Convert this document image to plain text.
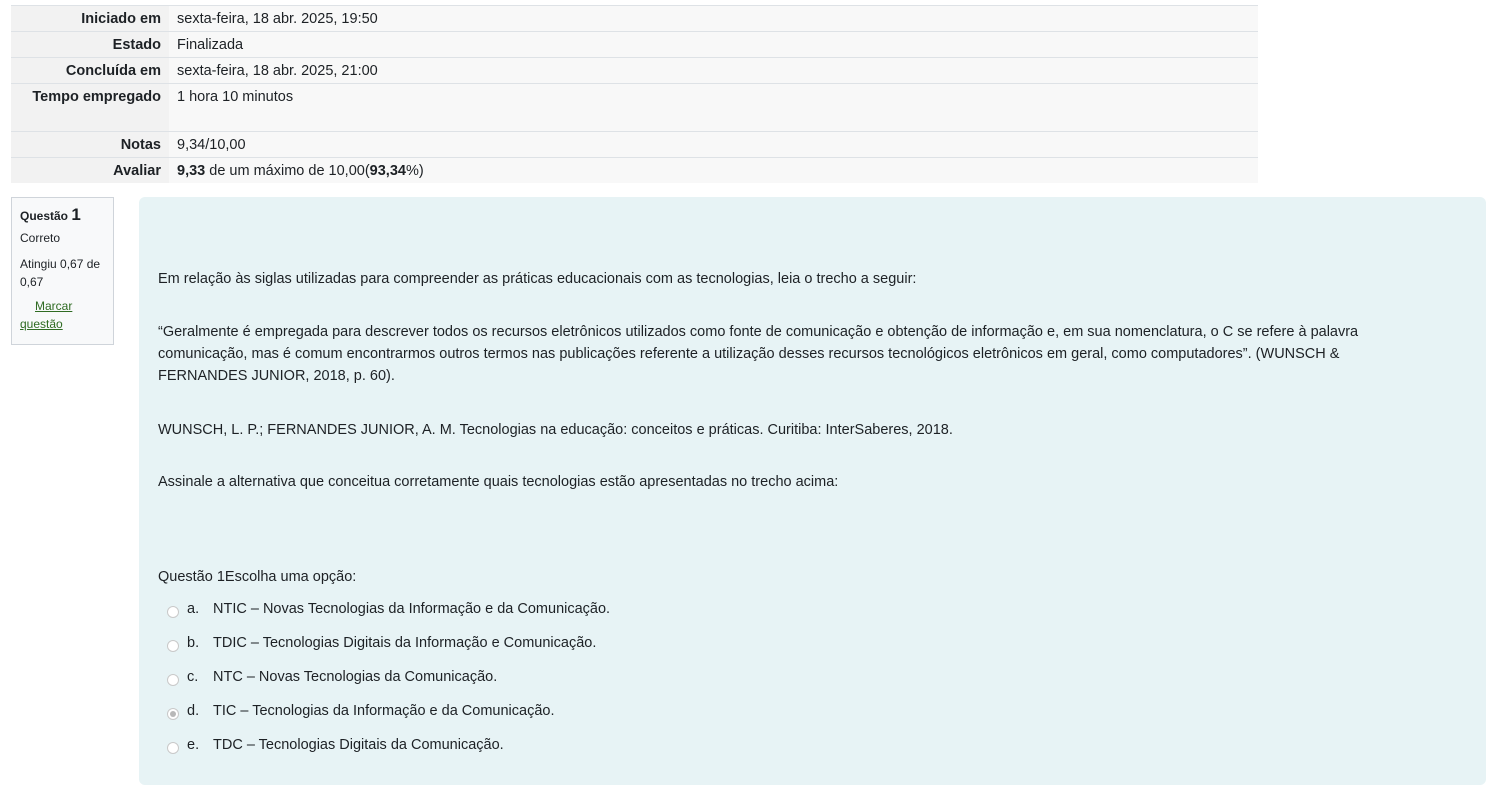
Iniciado em	sexta-feira, 18 abr. 2025, 19:50
Estado	Finalizada
Concluída em	sexta-feira, 18 abr. 2025, 21:00
Tempo empregado	1 hora 10 minutos
Notas	9,34/10,00
Avaliar	9,33 de um máximo de 10,00(93,34%)
Questão 1
Correto
Atingiu 0,67 de 0,67
Marcar questão
Em relação às siglas utilizadas para compreender as práticas educacionais com as tecnologias, leia o trecho a seguir:
“Geralmente é empregada para descrever todos os recursos eletrônicos utilizados como fonte de comunicação e obtenção de informação e, em sua nomenclatura, o C se refere à palavra comunicação, mas é comum encontrarmos outros termos nas publicações referente a utilização desses recursos tecnológicos eletrônicos em geral, como computadores”. (WUNSCH & FERNANDES JUNIOR, 2018, p. 60).
WUNSCH, L. P.; FERNANDES JUNIOR, A. M. Tecnologias na educação: conceitos e práticas. Curitiba: InterSaberes, 2018.
Assinale a alternativa que conceitua corretamente quais tecnologias estão apresentadas no trecho acima:
Questão 1Escolha uma opção:
a. NTIC – Novas Tecnologias da Informação e da Comunicação.
b. TDIC – Tecnologias Digitais da Informação e Comunicação.
c.	NTC – Novas Tecnologias da Comunicação.
d. TIC – Tecnologias da Informação e da Comunicação.
e. TDC – Tecnologias Digitais da Comunicação.
